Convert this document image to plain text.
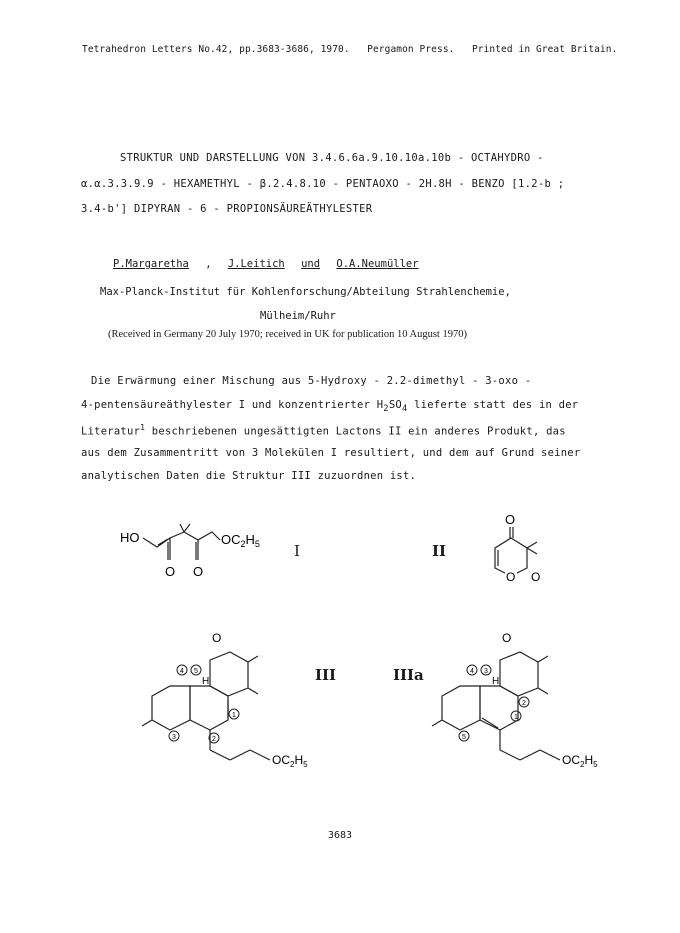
Tetrahedron Letters No.42, pp.3683-3686, 1970. Pergamon Press. Printed in Great Britain.
STRUKTUR UND DARSTELLUNG VON 3.4.6.6a.9.10.10a.10b - OCTAHYDRO -
α.α.3.3.9.9 - HEXAMETHYL - β.2.4.8.10 - PENTAOXO - 2H.8H - BENZO [1.2-b ;
3.4-b'] DIPYRAN - 6 - PROPIONSÄUREÄTHYLESTER
P.Margaretha , J.Leitich und O.A.Neumüller
Max-Planck-Institut für Kohlenforschung/Abteilung Strahlenchemie,
Mülheim/Ruhr
(Received in Germany 20 July 1970; received in UK for publication 10 August 1970)
Die Erwärmung einer Mischung aus 5-Hydroxy - 2.2-dimethyl - 3-oxo -
4-pentensäureäthylester I und konzentrierter $H_2SO_4$ lieferte statt des in der
Literatur$^1$ beschriebenen ungesättigten Lactons II ein anderes Produkt, das
aus dem Zusammentritt von 3 Molekülen I resultiert, und dem auf Grund seiner
analytischen Daten die Struktur III zuzuordnen ist.
HO
O O
$OC_2H_5$ I	II
O
O O
O
4 5
3	2
1
H
$OC_2H_5$
III	IIIa
O
4 3
2
1
5
H
$OC_2H_5$
3683
